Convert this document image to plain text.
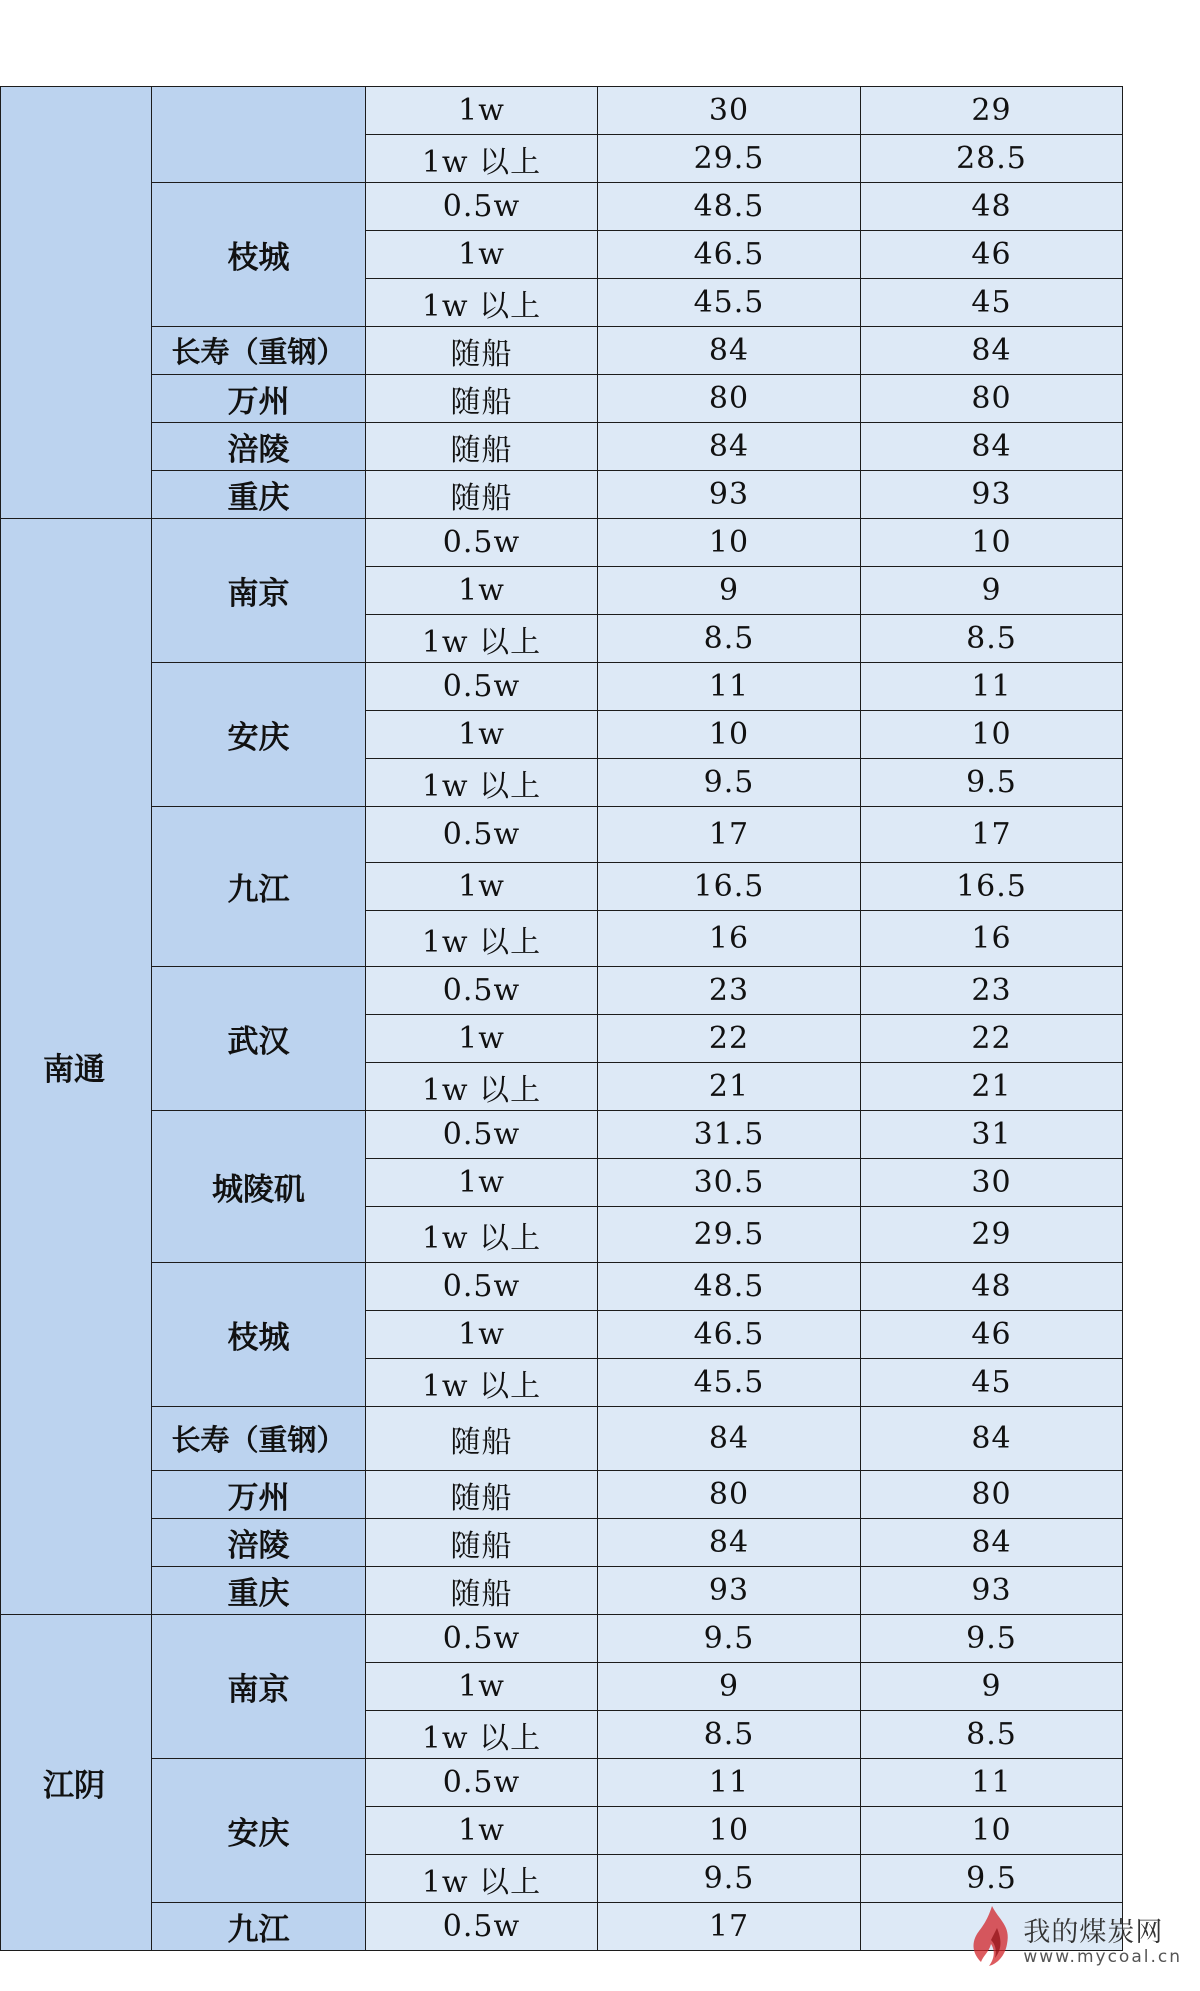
		1w	30	29
		1w 以上	29.5	28.5
	枝城	0.5w	48.5	48
		1w	46.5	46
		1w 以上	45.5	45
	长寿（重钢）	随船	84	84
	万州	随船	80	80
	涪陵	随船	84	84
	重庆	随船	93	93
南通	南京	0.5w	10	10
		1w	9	9
		1w 以上	8.5	8.5
	安庆	0.5w	11	11
		1w	10	10
		1w 以上	9.5	9.5
	九江	0.5w	17	17
		1w	16.5	16.5
		1w 以上	16	16
	武汉	0.5w	23	23
		1w	22	22
		1w 以上	21	21
	城陵矶	0.5w	31.5	31
		1w	30.5	30
		1w 以上	29.5	29
	枝城	0.5w	48.5	48
		1w	46.5	46
		1w 以上	45.5	45
	长寿（重钢）	随船	84	84
	万州	随船	80	80
	涪陵	随船	84	84
	重庆	随船	93	93
江阴	南京	0.5w	9.5	9.5
		1w	9	9
		1w 以上	8.5	8.5
	安庆	0.5w	11	11
		1w	10	10
		1w 以上	9.5	9.5
	九江	0.5w	17		我的煤炭网
www.mycoal.cn
